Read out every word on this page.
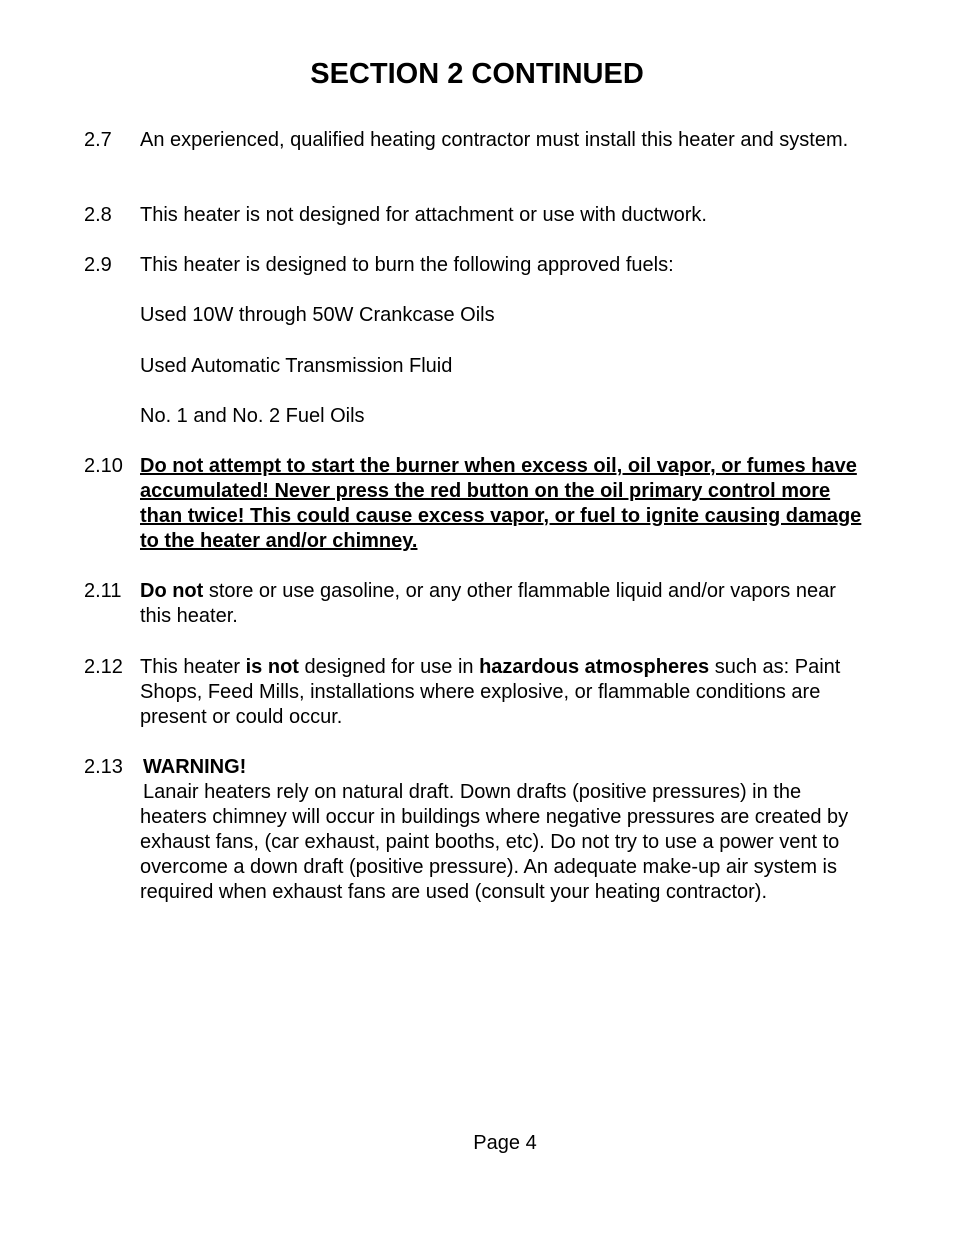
SECTION 2 CONTINUED
2.7 An experienced, qualified heating contractor must install this heater and system.
2.8 This heater is not designed for attachment or use with ductwork.
2.9 This heater is designed to burn the following approved fuels:
Used 10W through 50W Crankcase Oils
Used Automatic Transmission Fluid
No. 1 and No. 2 Fuel Oils
2.10 Do not attempt to start the burner when excess oil, oil vapor, or fumes have accumulated! Never press the red button on the oil primary control more than twice! This could cause excess vapor, or fuel to ignite causing damage to the heater and/or chimney.
2.11 Do not store or use gasoline, or any other flammable liquid and/or vapors near this heater.
2.12 This heater is not designed for use in hazardous atmospheres such as: Paint Shops, Feed Mills, installations where explosive, or flammable conditions are present or could occur.
2.13 WARNING!
Lanair heaters rely on natural draft. Down drafts (positive pressures) in the heaters chimney will occur in buildings where negative pressures are created by exhaust fans, (car exhaust, paint booths, etc). Do not try to use a power vent to overcome a down draft (positive pressure). An adequate make-up air system is required when exhaust fans are used (consult your heating contractor).
Page 4
